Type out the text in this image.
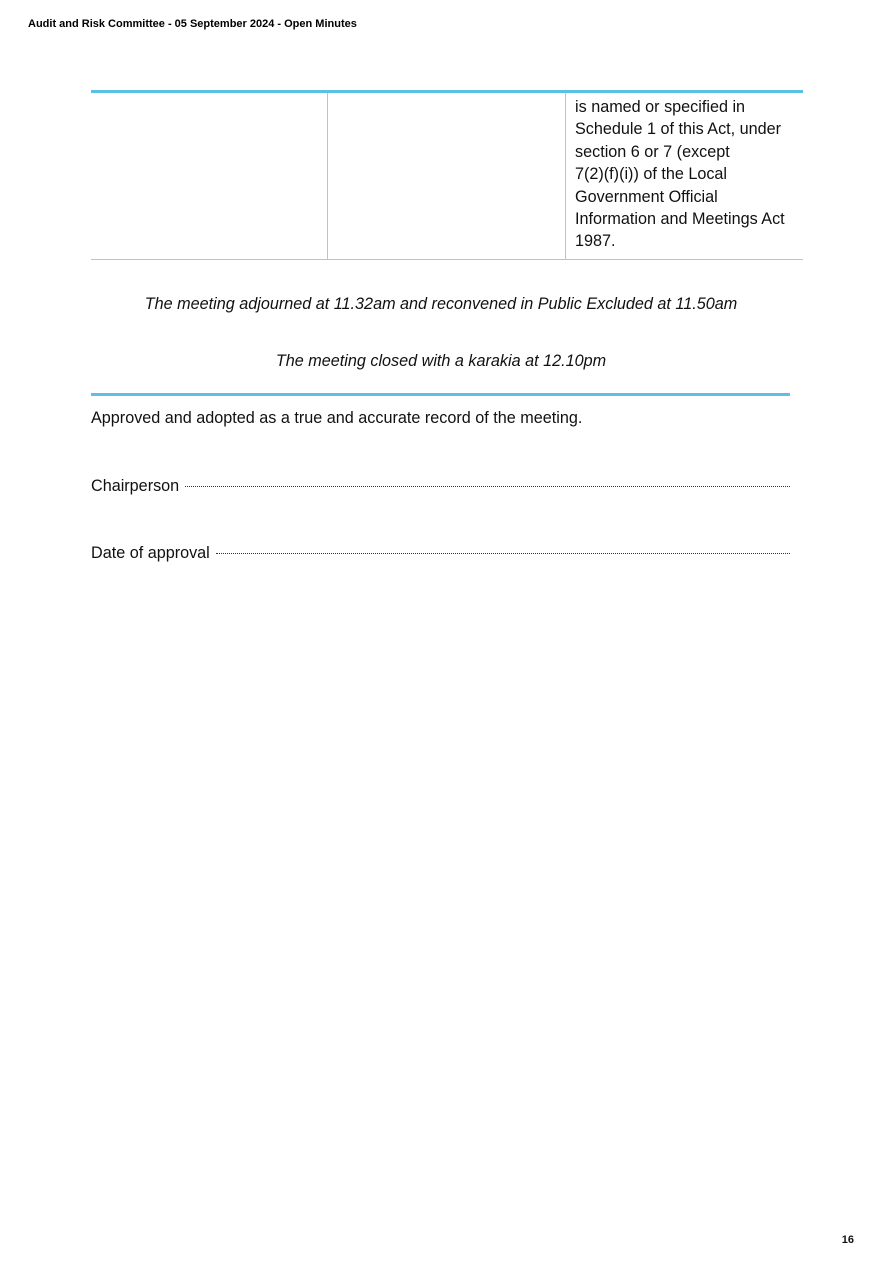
Audit and Risk Committee - 05 September 2024 - Open Minutes
is named or specified in
Schedule 1 of this Act, under
section 6 or 7 (except
7(2)(f)(i)) of the Local
Government Official
Information and Meetings Act
1987.
The meeting adjourned at 11.32am and reconvened in Public Excluded at 11.50am
The meeting closed with a karakia at 12.10pm
Approved and adopted as a true and accurate record of the meeting.
Chairperson
Date of approval
16
